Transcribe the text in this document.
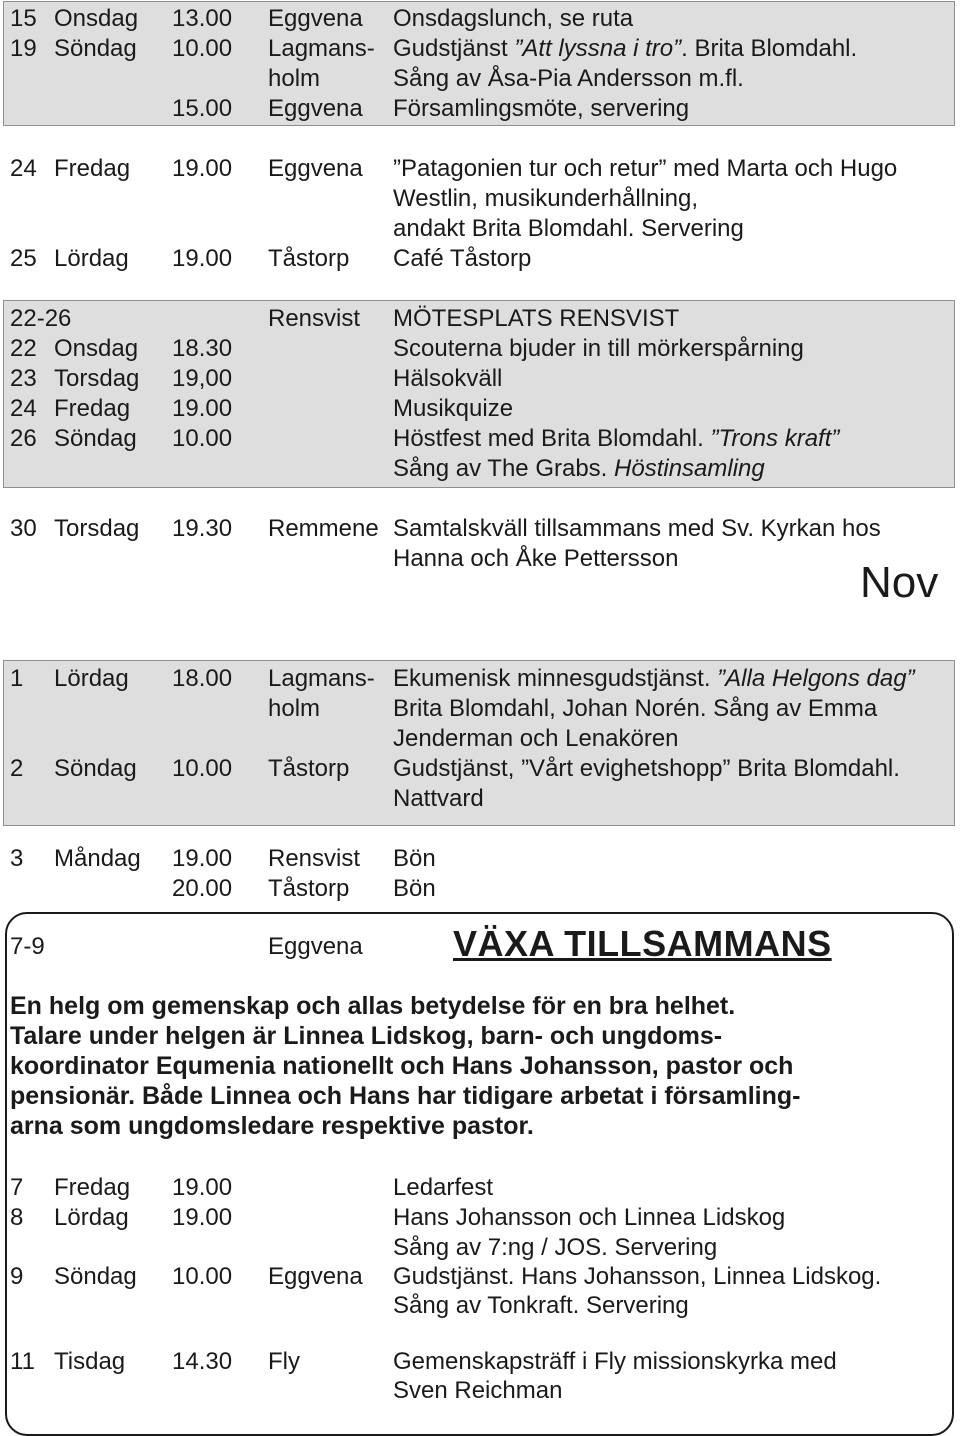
15 Onsdag 13.00 Eggvena Onsdagslunch, se ruta
19 Söndag 10.00 Lagmans- Gudstjänst ”Att lyssna i tro”. Brita Blomdahl.
holm	Sång av Åsa-Pia Andersson m.fl.
15.00 Eggvena Församlingsmöte, servering
24 Fredag 19.00 Eggvena ”Patagonien tur och retur” med Marta och Hugo
Westlin, musikunderhållning,
andakt Brita Blomdahl. Servering
25 Lördag 19.00 Tåstorp Café Tåstorp
22-26	Rensvist MÖTESPLATS RENSVIST
22 Onsdag 18.30	Scouterna bjuder in till mörkerspårning
23 Torsdag 19,00	Hälsokväll
24 Fredag 19.00	Musikquize
26 Söndag 10.00	Höstfest med Brita Blomdahl. ”Trons kraft”
Sång av The Grabs. Höstinsamling
30 Torsdag 19.30 Remmene Samtalskväll tillsammans med Sv. Kyrkan hos
Hanna och Åke Pettersson	Nov
1 Lördag 18.00 Lagmans- Ekumenisk minnesgudstjänst. ”Alla Helgons dag”
holm	Brita Blomdahl, Johan Norén. Sång av Emma
Jenderman och Lenakören
2 Söndag 10.00 Tåstorp Gudstjänst, ”Vårt evighetshopp” Brita Blomdahl.
Nattvard
3 Måndag 19.00 Rensvist Bön
20.00 Tåstorp Bön
7-9	Eggvena	VÄXA TILLSAMMANS
En helg om gemenskap och allas betydelse för en bra helhet.
Talare under helgen är Linnea Lidskog, barn- och ungdoms-
koordinator Equmenia nationellt och Hans Johansson, pastor och
pensionär. Både Linnea och Hans har tidigare arbetat i församling-
arna som ungdomsledare respektive pastor.
7 Fredag 19.00	Ledarfest
8 Lördag 19.00	Hans Johansson och Linnea Lidskog
Sång av 7:ng / JOS. Servering
9 Söndag 10.00 Eggvena Gudstjänst. Hans Johansson, Linnea Lidskog.
Sång av Tonkraft. Servering
11 Tisdag 14.30 Fly	Gemenskapsträff i Fly missionskyrka med
Sven Reichman
